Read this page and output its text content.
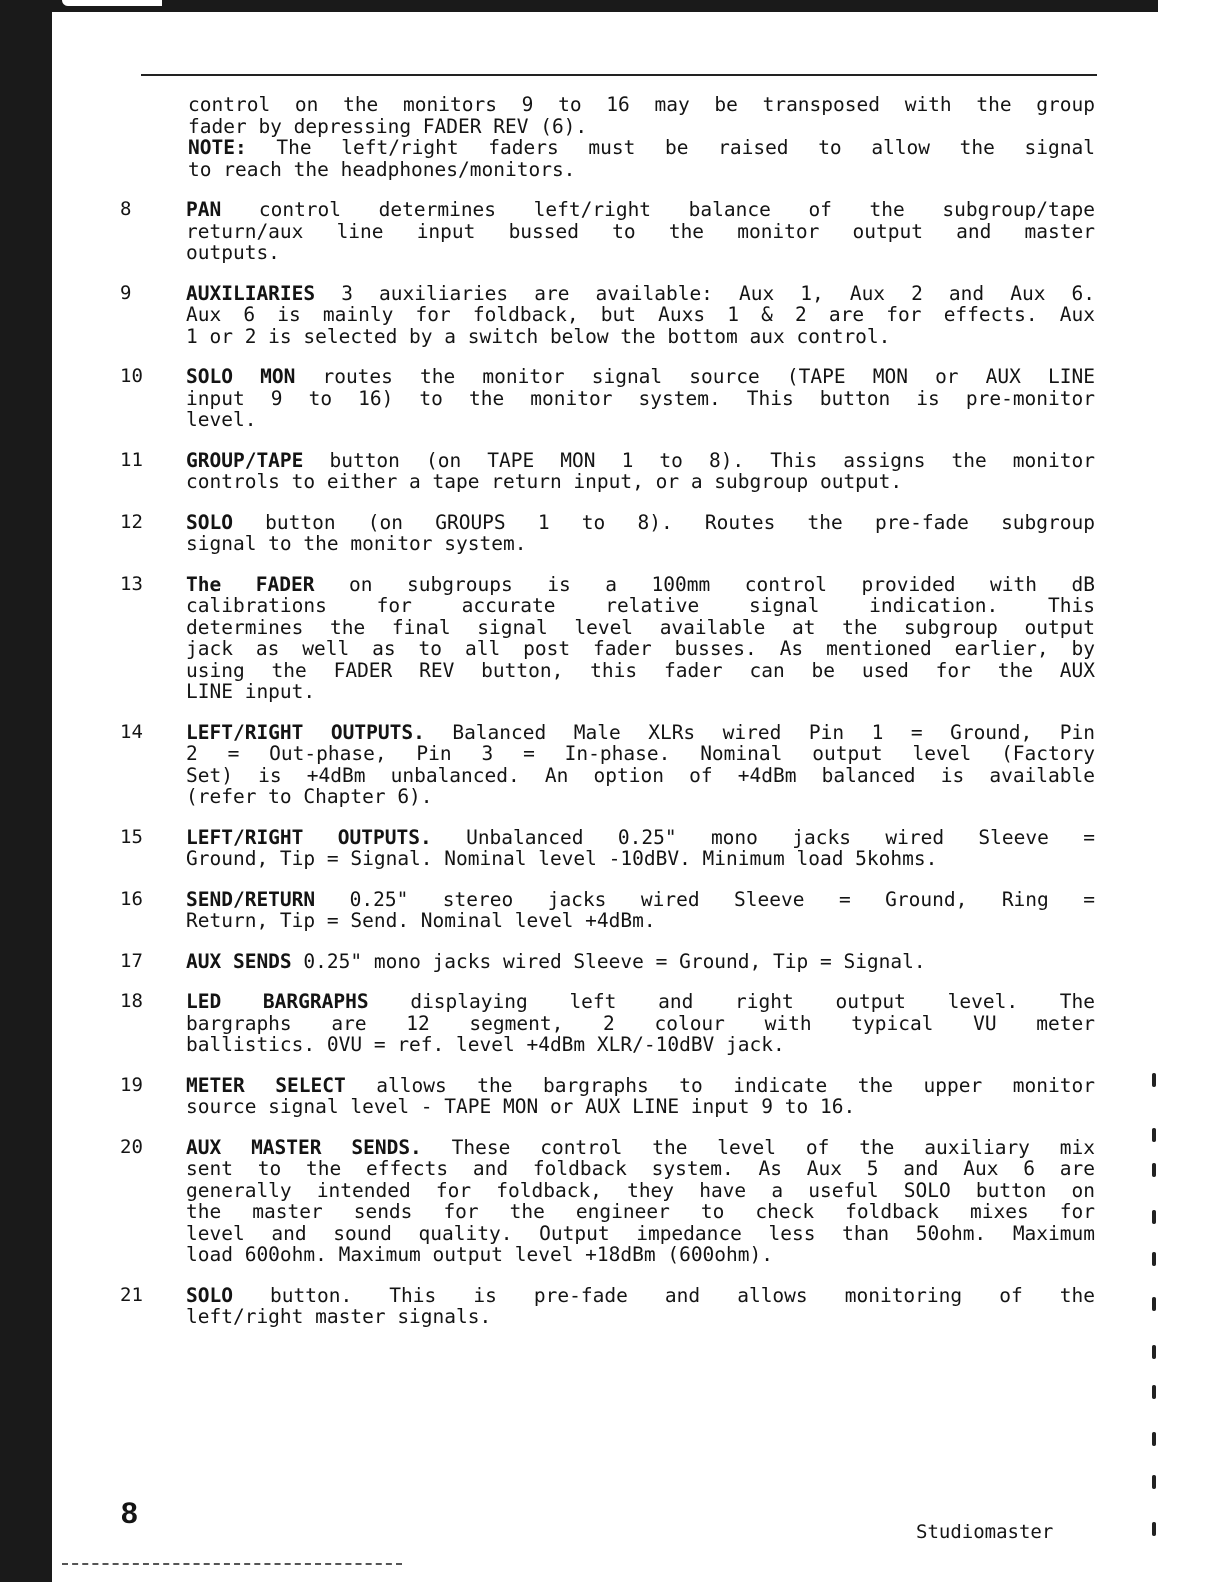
control on the monitors 9 to 16 may be transposed with the group
fader by depressing FADER REV (6).
NOTE: The left/right faders must be raised to allow the signal
to reach the headphones/monitors.
8	PAN control determines left/right balance of the subgroup/tape
return/aux line input bussed to the monitor output and master
outputs.
9	AUXILIARIES 3 auxiliaries are available: Aux 1, Aux 2 and Aux 6.
Aux 6 is mainly for foldback, but Auxs 1 & 2 are for effects. Aux
1 or 2 is selected by a switch below the bottom aux control.
10	SOLO MON routes the monitor signal source (TAPE MON or AUX LINE
input 9 to 16) to the monitor system. This button is pre-monitor
level.
11	GROUP/TAPE button (on TAPE MON 1 to 8). This assigns the monitor
controls to either a tape return input, or a subgroup output.
12	SOLO button (on GROUPS 1 to 8). Routes the pre-fade subgroup
signal to the monitor system.
13	The FADER on subgroups is a 100mm control provided with dB
calibrations for accurate relative signal indication. This
determines the final signal level available at the subgroup output
jack as well as to all post fader busses. As mentioned earlier, by
using the FADER REV button, this fader can be used for the AUX
LINE input.
14	LEFT/RIGHT OUTPUTS. Balanced Male XLRs wired Pin 1 = Ground, Pin
2 = Out-phase, Pin 3 = In-phase. Nominal output level (Factory
Set) is +4dBm unbalanced. An option of +4dBm balanced is available
(refer to Chapter 6).
15	LEFT/RIGHT OUTPUTS. Unbalanced 0.25" mono jacks wired Sleeve =
Ground, Tip = Signal. Nominal level -10dBV. Minimum load 5kohms.
16	SEND/RETURN 0.25" stereo jacks wired Sleeve = Ground, Ring =
Return, Tip = Send. Nominal level +4dBm.
17	AUX SENDS 0.25" mono jacks wired Sleeve = Ground, Tip = Signal.
18	LED BARGRAPHS displaying left and right output level. The
bargraphs are 12 segment, 2 colour with typical VU meter
ballistics. 0VU = ref. level +4dBm XLR/-10dBV jack.
19	METER SELECT allows the bargraphs to indicate the upper monitor
source signal level - TAPE MON or AUX LINE input 9 to 16.
20	AUX MASTER SENDS. These control the level of the auxiliary mix
sent to the effects and foldback system. As Aux 5 and Aux 6 are
generally intended for foldback, they have a useful SOLO button on
the master sends for the engineer to check foldback mixes for
level and sound quality. Output impedance less than 50ohm. Maximum
load 600ohm. Maximum output level +18dBm (600ohm).
21	SOLO button. This is pre-fade and allows monitoring of the
left/right master signals.
8
Studiomaster
